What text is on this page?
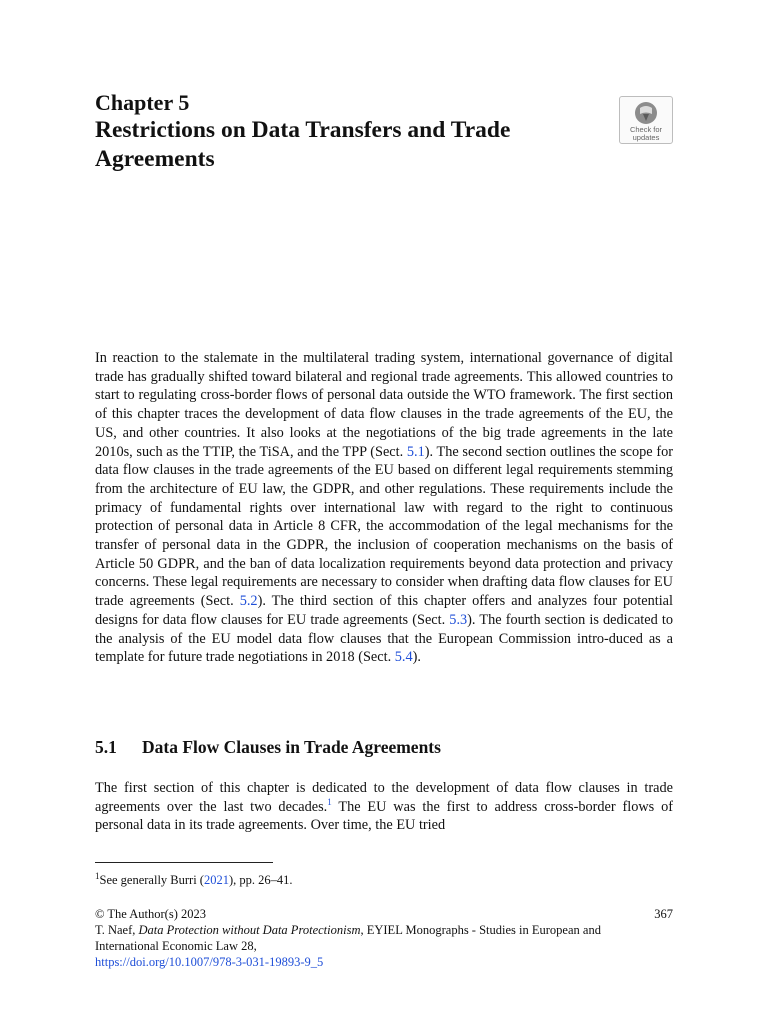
Chapter 5
Restrictions on Data Transfers and Trade Agreements
Check for
updates
In reaction to the stalemate in the multilateral trading system, international governance of digital trade has gradually shifted toward bilateral and regional trade agreements. This allowed countries to start to regulating cross-border flows of personal data outside the WTO framework. The first section of this chapter traces the development of data flow clauses in the trade agreements of the EU, the US, and other countries. It also looks at the negotiations of the big trade agreements in the late 2010s, such as the TTIP, the TiSA, and the TPP (Sect. 5.1). The second section outlines the scope for data flow clauses in the trade agreements of the EU based on different legal requirements stemming from the architecture of EU law, the GDPR, and other regulations. These requirements include the primacy of fundamental rights over international law with regard to the right to continuous protection of personal data in Article 8 CFR, the accommodation of the legal mechanisms for the transfer of personal data in the GDPR, the inclusion of cooperation mechanisms on the basis of Article 50 GDPR, and the ban of data localization requirements beyond data protection and privacy concerns. These legal requirements are necessary to consider when drafting data flow clauses for EU trade agreements (Sect. 5.2). The third section of this chapter offers and analyzes four potential designs for data flow clauses for EU trade agreements (Sect. 5.3). The fourth section is dedicated to the analysis of the EU model data flow clauses that the European Commission intro-duced as a template for future trade negotiations in 2018 (Sect. 5.4).
5.1 Data Flow Clauses in Trade Agreements
The first section of this chapter is dedicated to the development of data flow clauses in trade agreements over the last two decades.$^1$ The EU was the first to address cross-border flows of personal data in its trade agreements. Over time, the EU tried
$^1$See generally Burri (2021), pp. 26–41.
© The Author(s) 2023	367
T. Naef, Data Protection without Data Protectionism, EYIEL Monographs - Studies in European and International Economic Law 28,
https://doi.org/10.1007/978-3-031-19893-9_5
